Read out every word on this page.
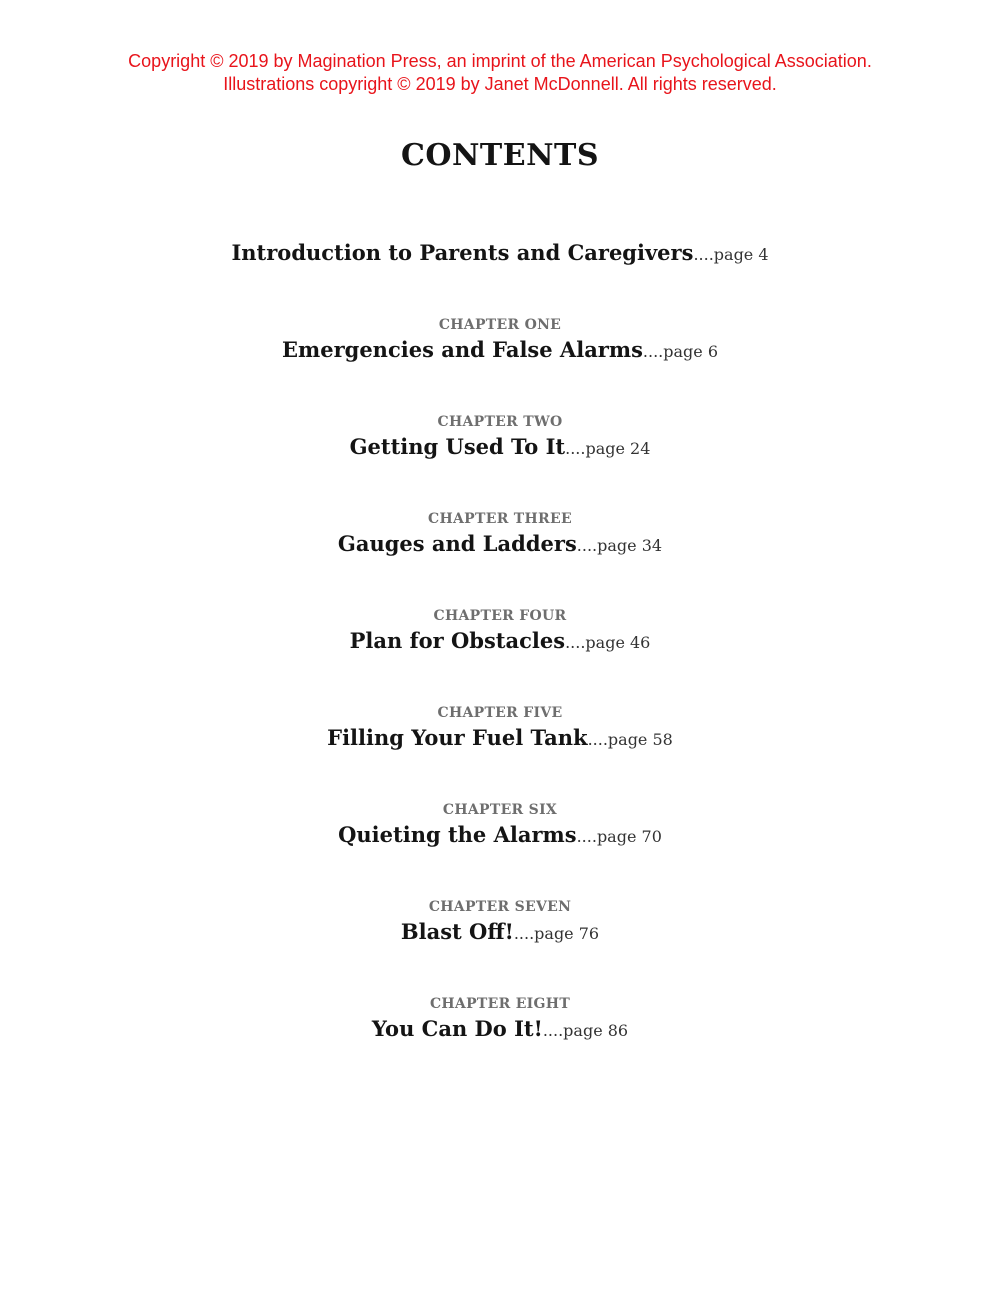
Copyright © 2019 by Magination Press, an imprint of the American Psychological Association.
Illustrations copyright © 2019 by Janet McDonnell. All rights reserved.
CONTENTS
Introduction to Parents and Caregivers....page 4
CHAPTER ONE
Emergencies and False Alarms....page 6
CHAPTER TWO
Getting Used To It....page 24
CHAPTER THREE
Gauges and Ladders....page 34
CHAPTER FOUR
Plan for Obstacles....page 46
CHAPTER FIVE
Filling Your Fuel Tank....page 58
CHAPTER SIX
Quieting the Alarms....page 70
CHAPTER SEVEN
Blast Off!....page 76
CHAPTER EIGHT
You Can Do It!....page 86
